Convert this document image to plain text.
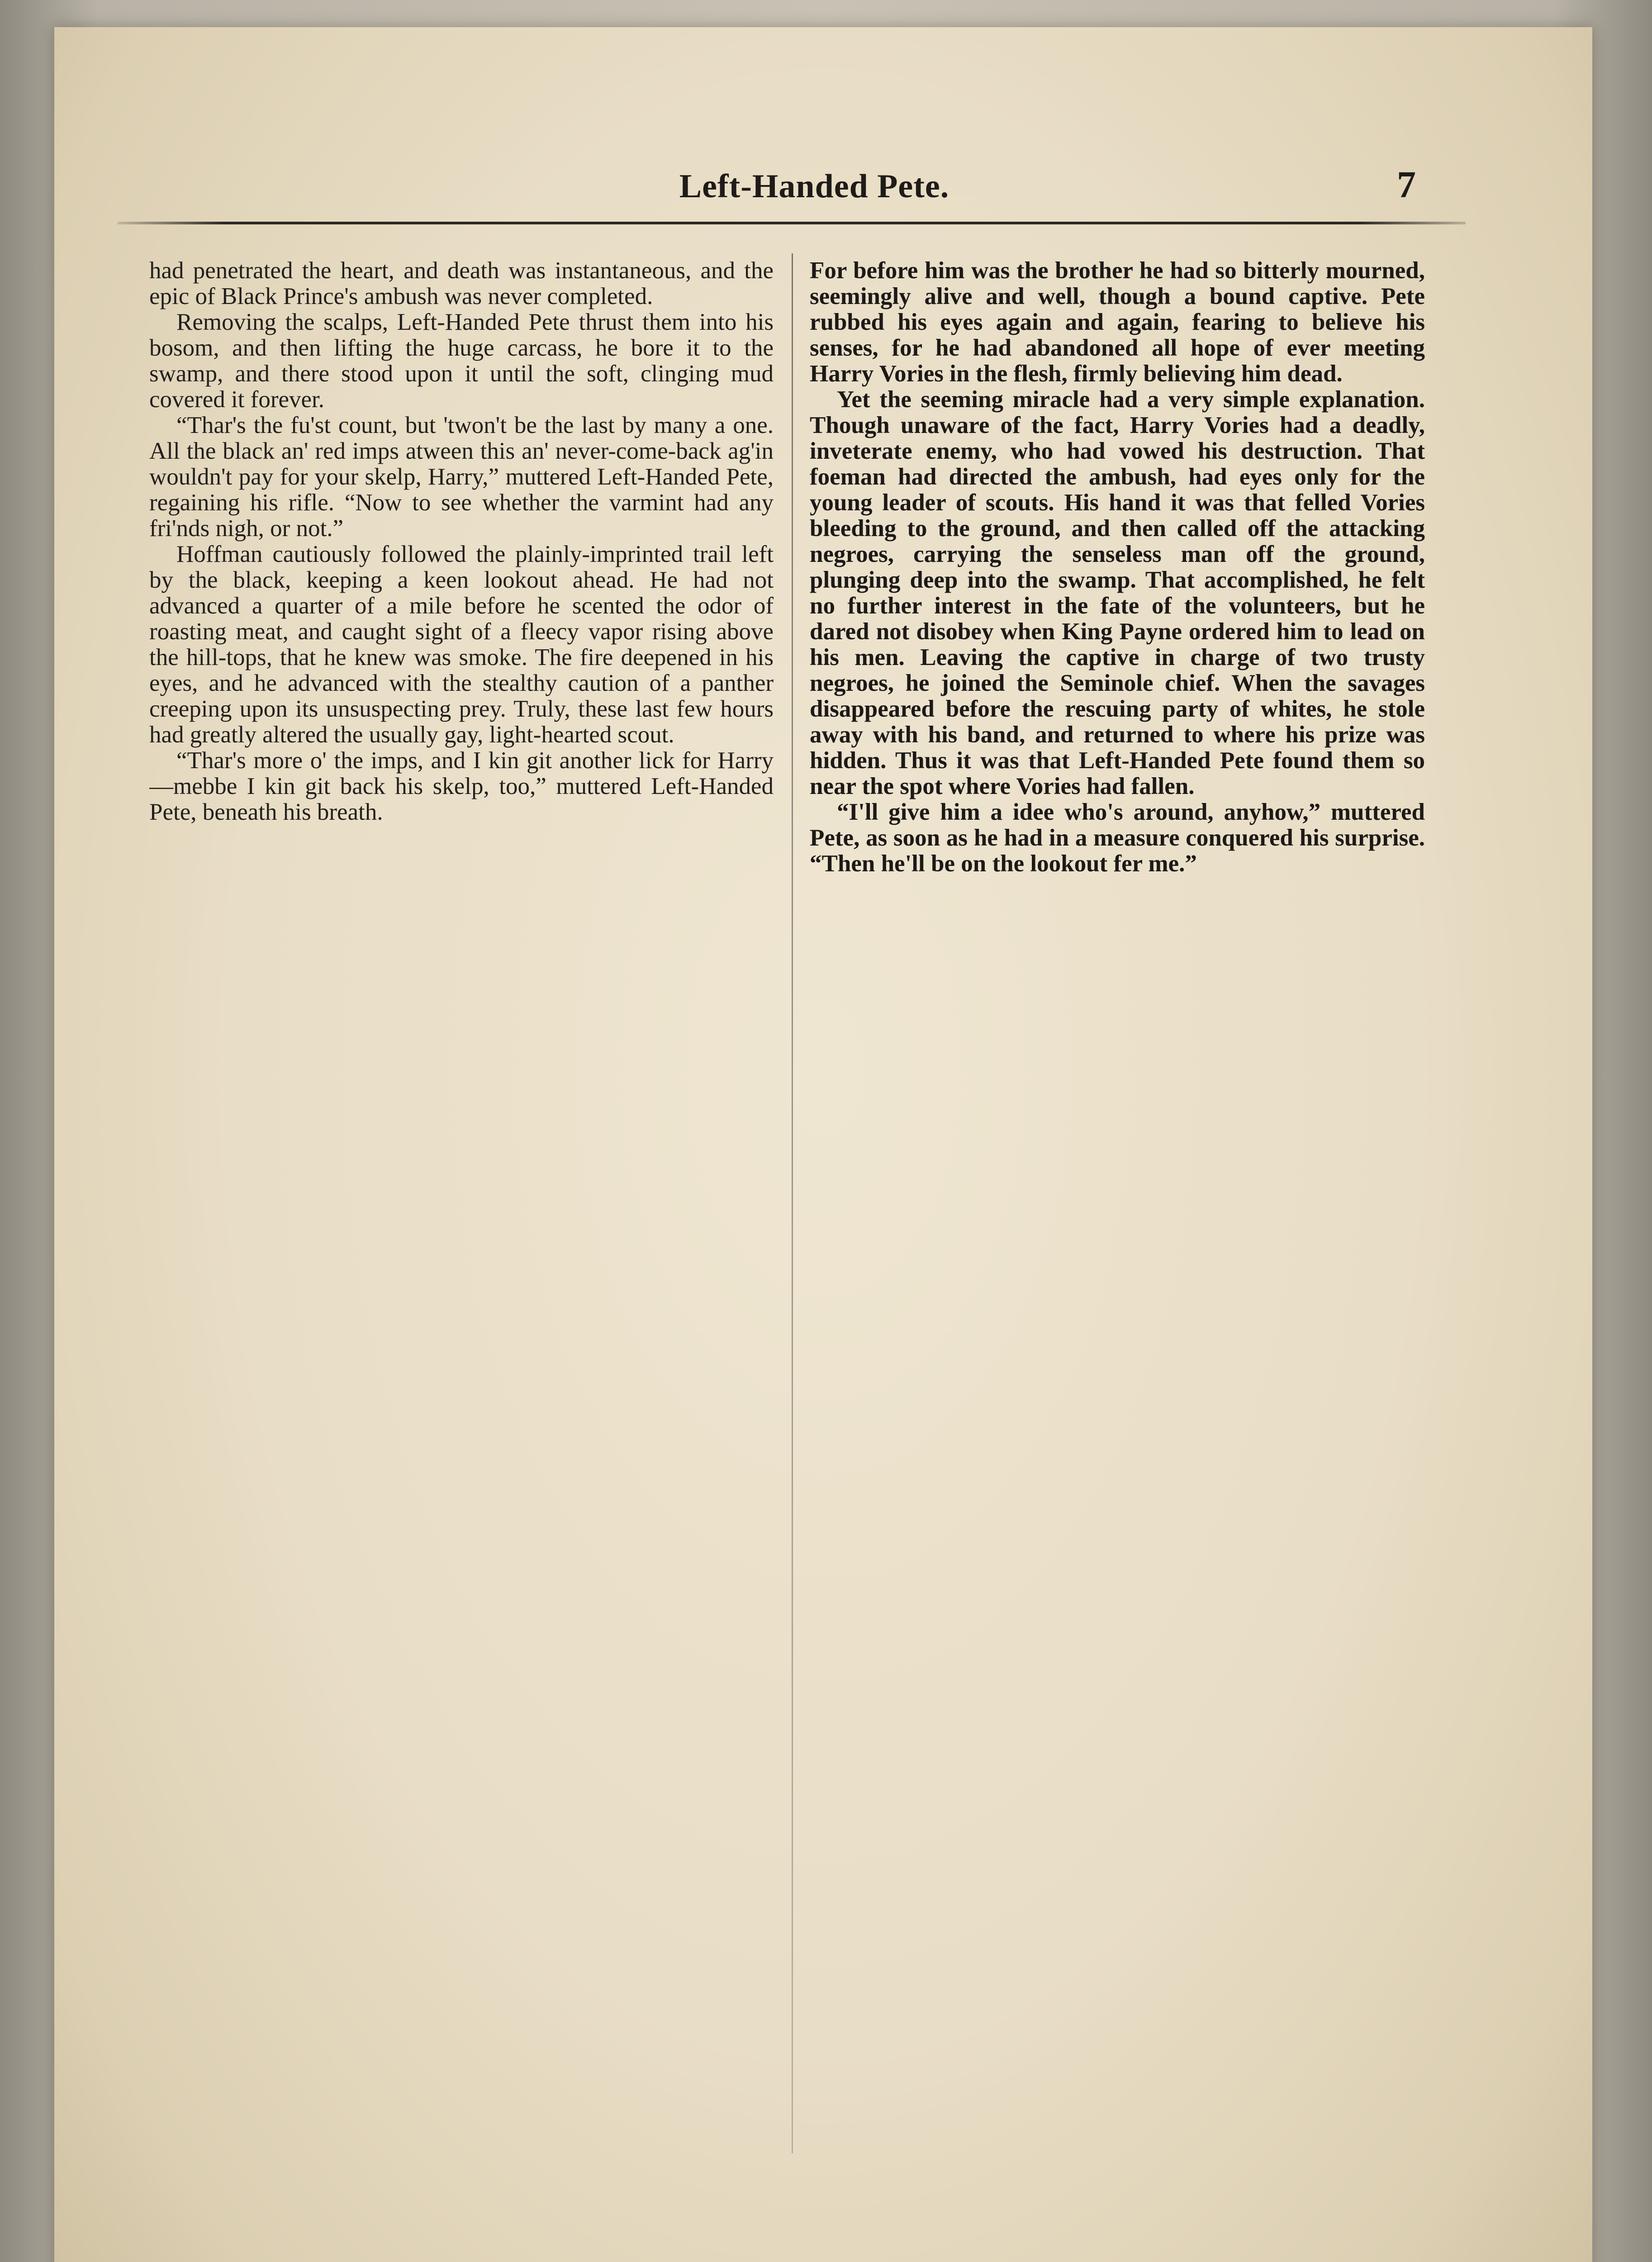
Left-Handed Pete.	7

had penetrated the heart, and death was instantaneous, and the epic of Black Prince's ambush was never completed.

Removing the scalps, Left-Handed Pete thrust them into his bosom, and then lifting the huge carcass, he bore it to the swamp, and there stood upon it until the soft, clinging mud covered it forever.

“Thar's the fu'st count, but 'twon't be the last by many a one. All the black an' red imps atween this an' never-come-back ag'in wouldn't pay for your skelp, Harry,” muttered Left-Handed Pete, regaining his rifle. “Now to see whether the varmint had any fri'nds nigh, or not.”

Hoffman cautiously followed the plainly-imprinted trail left by the black, keeping a keen lookout ahead. He had not advanced a quarter of a mile before he scented the odor of roasting meat, and caught sight of a fleecy vapor rising above the hill-tops, that he knew was smoke. The fire deepened in his eyes, and he advanced with the stealthy caution of a panther creeping upon its unsuspecting prey. Truly, these last few hours had greatly altered the usually gay, light-hearted scout.

“Thar's more o' the imps, and I kin git another lick for Harry—mebbe I kin git back his skelp, too,” muttered Left-Handed Pete, beneath his breath.

For before him was the brother he had so bitterly mourned, seemingly alive and well, though a bound captive. Pete rubbed his eyes again and again, fearing to believe his senses, for he had abandoned all hope of ever meeting Harry Vories in the flesh, firmly believing him dead.

Yet the seeming miracle had a very simple explanation. Though unaware of the fact, Harry Vories had a deadly, inveterate enemy, who had vowed his destruction. That foeman had directed the ambush, had eyes only for the young leader of scouts. His hand it was that felled Vories bleeding to the ground, and then called off the attacking negroes, carrying the senseless man off the ground, plunging deep into the swamp. That accomplished, he felt no further interest in the fate of the volunteers, but he dared not disobey when King Payne ordered him to lead on his men. Leaving the captive in charge of two trusty negroes, he joined the Seminole chief. When the savages disappeared before the rescuing party of whites, he stole away with his band, and returned to where his prize was hidden. Thus it was that Left-Handed Pete found them so near the spot where Vories had fallen.

“I'll give him a idee who's around, anyhow,” muttered Pete, as soon as he had in a measure conquered his surprise. “Then he'll be on the lookout fer me.”
